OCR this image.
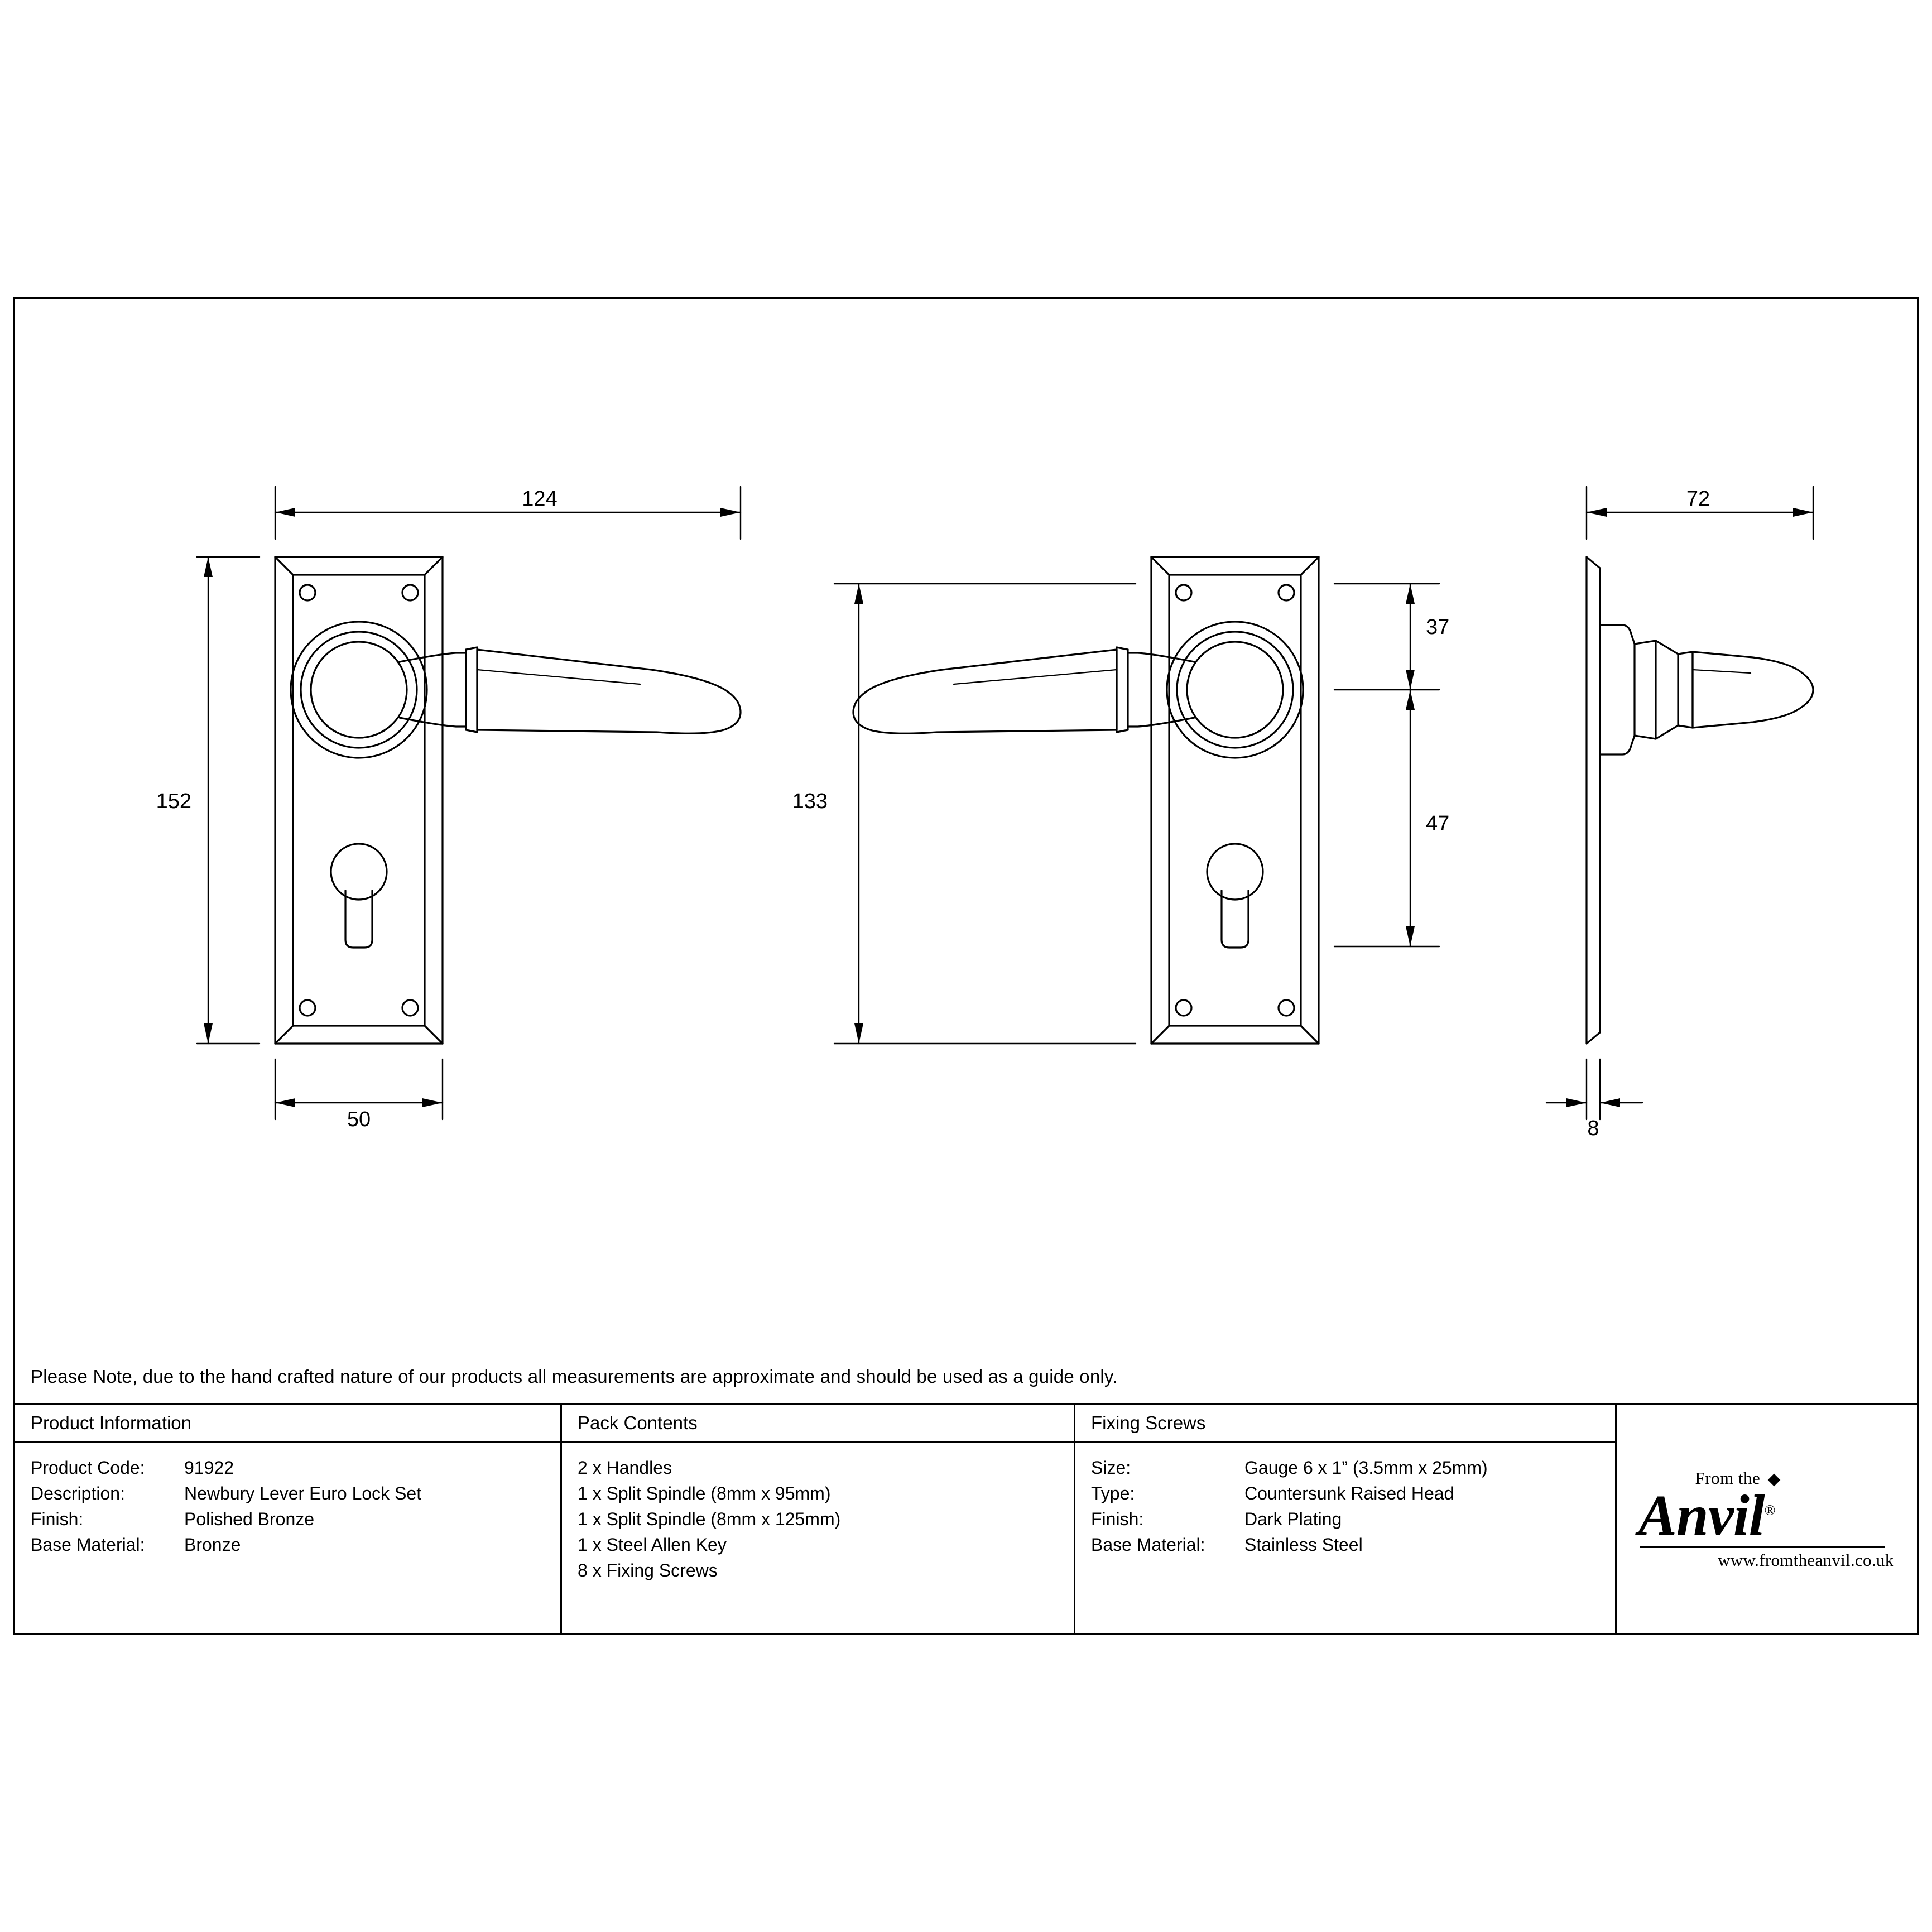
124
152
50
133
37
47
72
8
Please Note, due to the hand crafted nature of our products all measurements are approximate and should be used as a guide only.
Product Information
Product Code:	91922
Description:	Newbury Lever Euro Lock Set
Finish:	Polished Bronze
Base Material:	Bronze
Pack Contents
2 x Handles
1 x Split Spindle (8mm x 95mm)
1 x Split Spindle (8mm x 125mm)
1 x Steel Allen Key
8 x Fixing Screws
Fixing Screws
Size:	Gauge 6 x 1” (3.5mm x 25mm)
Type:	Countersunk Raised Head
Finish:	Dark Plating
Base Material:	Stainless Steel
From the
Anvil®
www.fromtheanvil.co.uk
